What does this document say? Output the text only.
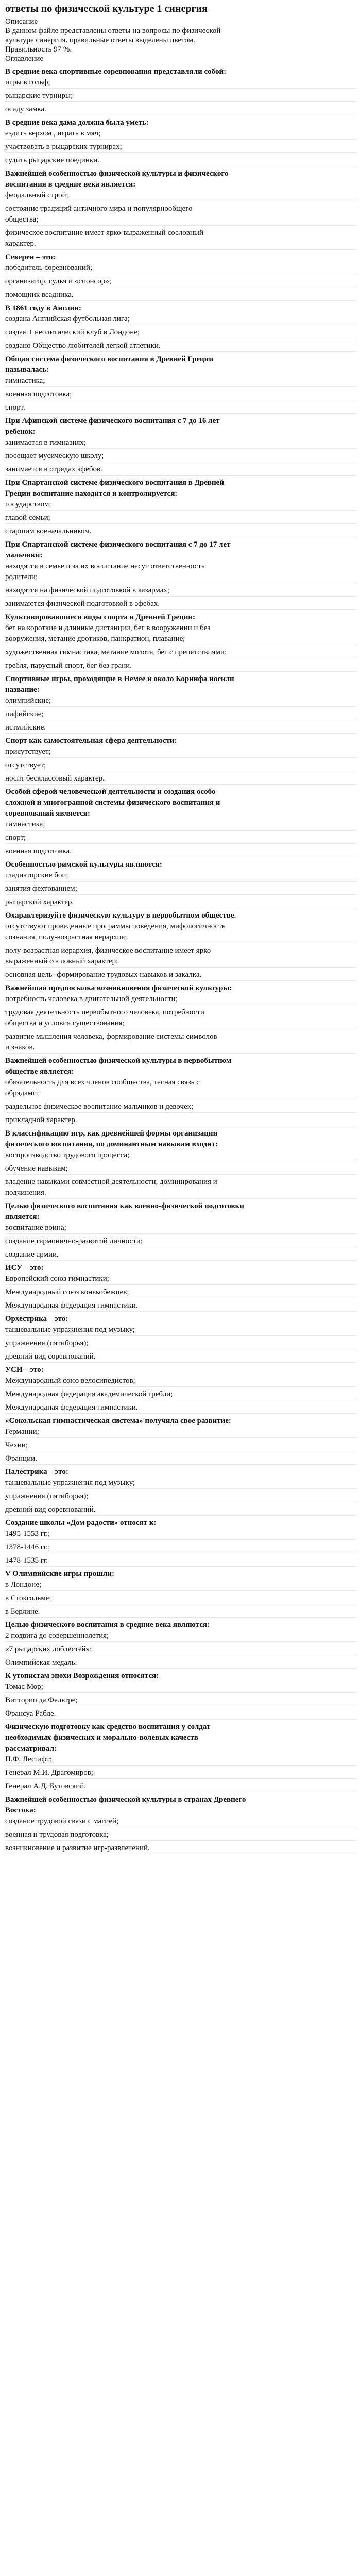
ответы по физической культуре 1 синергия
Описание
В данном файле представлены ответы на вопросы по физической
культуре синергия. правильные ответы выделены цветом.
Правильность 97 %.
Оглавление
В средние века спортивные соревнования представляли собой:
игры в гольф;
рыцарские турниры;
осаду замка.
В средние века дама должна была уметь:
ездить верхом , играть в мяч;
участвовать в рыцарских турнирах;
судить рыцарские поединки.
Важнейшей особенностью физической культуры и физического
воспитания в средние века является:
феодальный строй;
состояние традиций античного мира и популярнообщего
общества;
физическое воспитание имеет ярко-выраженный сословный
характер.
Секерен – это:
победитель соревнований;
организатор, судья и «спонсор»;
помощник всадника.
В 1861 году в Англии:
создана Английская футбольная лига;
создан 1 неолитический клуб в Лондоне;
создано Общество любителей легкой атлетики.
Общая система физического воспитания в Древней Греции
называлась:
гимнастика;
военная подготовка;
спорт.
При Афинской системе физического воспитания с 7 до 16 лет
ребенок:
занимается в гимназиях;
посещает мусическую школу;
занимается в отрядах эфебов.
При Спартанской системе физического воспитания в Древней
Греции воспитание находится и контролируется:
государством;
главой семьи;
старшим военачальником.
При Спартанской системе физического воспитания с 7 до 17 лет
мальчики:
находятся в семье и за их воспитание несут ответственность
родители;
находятся на физической подготовкой в казармах;
занимаются физической подготовкой в эфебах.
Культивировавшиеся виды спорта в Древней Греции:
бег на короткие и длинные дистанции, бег в вооружении и без
вооружения, метание дротиков, панкратион, плавание;
художественная гимнастика, метание молота, бег с препятствиями;
гребля, парусный спорт, бег без грани.
Спортивные игры, проходящие в Немее и около Коринфа носили
название:
олимпийские;
пифийские;
истмийские.
Спорт как самостоятельная сфера деятельности:
присутствует;
отсутствует;
носит бесклассовый характер.
Особой сферой человеческой деятельности и создания особо
сложной и многогранной системы физического воспитания и
соревнований является:
гимнастика;
спорт;
военная подготовка.
Особенностью римской культуры являются:
гладиаторские бои;
занятия фехтованием;
рыцарский характер.
Охарактеризуйте физическую культуру в первобытном обществе.
отсутствуют проведенные программы поведения, мифологичность
сознания, полу-возрастная иерархия;
полу-возрастная иерархия, физическое воспитание имеет ярко
выраженный сословный характер;
основная цель- формирование трудовых навыков и закалка.
Важнейшая предпосылка возникновения физической культуры:
потребность человека в двигательной деятельности;
трудовая деятельность первобытного человека, потребности
общества и условия существования;
развитие мышления человека, формирование системы символов
и знаков.
Важнейшей особенностью физической культуры в первобытном
обществе является:
обязательность для всех членов сообщества, тесная связь с
обрядами;
раздельное физическое воспитание мальчиков и девочек;
прикладной характер.
В классификацию игр, как древнейшей формы организации
физического воспитания, по доминантным навыкам входит:
воспроизводство трудового процесса;
обучение навыкам;
владение навыками совместной деятельности, доминирования и
подчинения.
Целью физического воспитания как военно-физической подготовки
является:
воспитание воина;
создание гармонично-развитой личности;
создание армии.
ИСУ – это:
Европейский союз гимнастики;
Международный союз конькобежцев;
Международная федерация гимнастики.
Орхестрика – это:
танцевальные упражнения под музыку;
упражнения (пятиборья);
древний вид соревнований.
УСИ – это:
Международный союз велосипедистов;
Международная федерация академической гребли;
Международная федерация гимнастики.
«Сокольская гимнастическая система» получила свое развитие:
Германии;
Чехии;
Франции.
Палестрика – это:
танцевальные упражнения под музыку;
упражнения (пятиборья);
древний вид соревнований.
Создание школы «Дом радости» относят к:
1495-1553 гг.;
1378-1446 гг.;
1478-1535 гг.
V Олимпийские игры прошли:
в Лондоне;
в Стокгольме;
в Берлине.
Целью физического воспитания в средние века являются:
2 подвига до совершеннолетия;
«7 рыцарских доблестей»;
Олимпийская медаль.
К утопистам эпохи Возрождения относятся:
Томас Мор;
Витторио да Фельтре;
Франсуа Рабле.
Физическую подготовку как средство воспитания у солдат
необходимых физических и морально-волевых качеств
рассматривал:
П.Ф. Лесгафт;
Генерал М.И. Драгомиров;
Генерал А.Д. Бутовский.
Важнейшей особенностью физической культуры в странах Древнего
Востока:
создание трудовой связи с магией;
военная и трудовая подготовка;
возникновение и развитие игр-развлечений.
